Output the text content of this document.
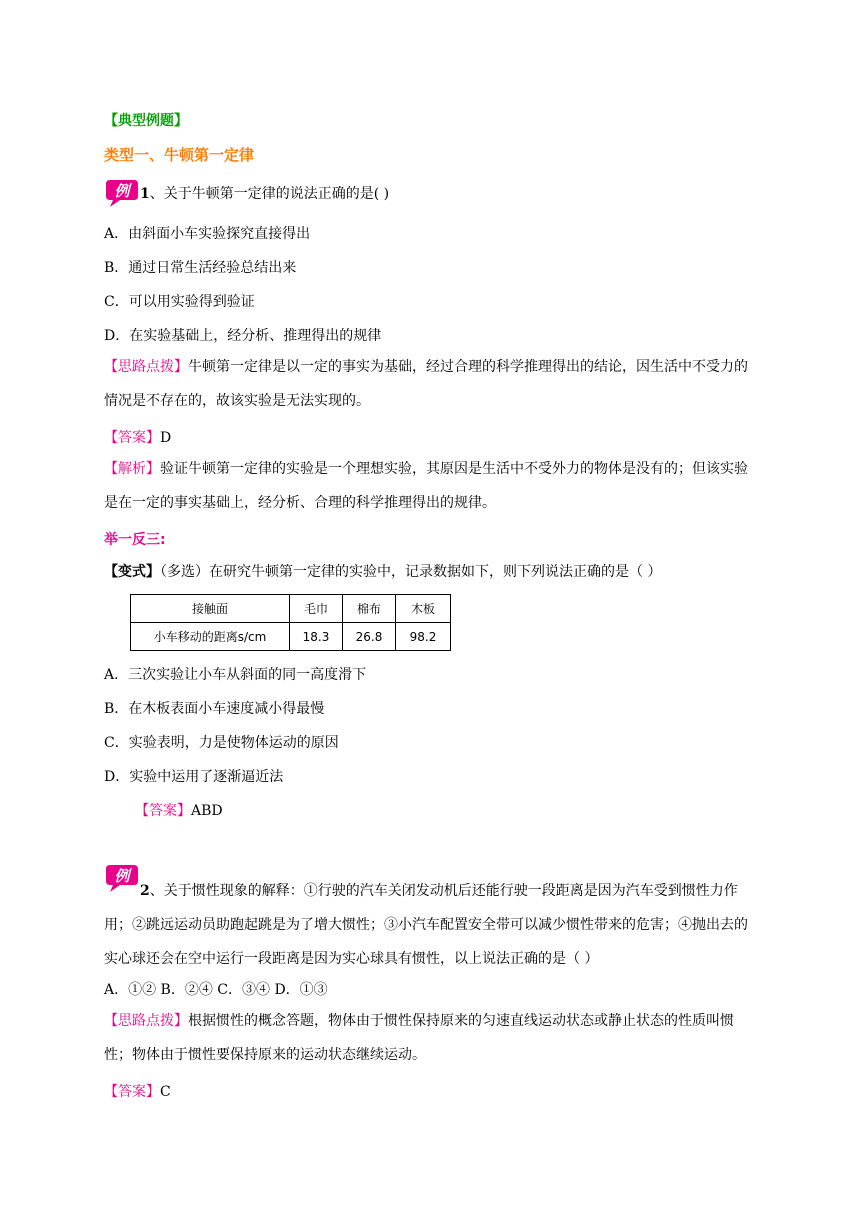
【典型例题】
类型一、牛顿第一定律
例 1、关于牛顿第一定律的说法正确的是( )
A．由斜面小车实验探究直接得出
B．通过日常生活经验总结出来
C．可以用实验得到验证
D．在实验基础上，经分析、推理得出的规律
【思路点拨】牛顿第一定律是以一定的事实为基础，经过合理的科学推理得出的结论，因生活中不受力的情况是不存在的，故该实验是无法实现的。
【答案】D
【解析】验证牛顿第一定律的实验是一个理想实验，其原因是生活中不受外力的物体是没有的；但该实验是在一定的事实基础上，经分析、合理的科学推理得出的规律。
举一反三:
【变式】（多选）在研究牛顿第一定律的实验中，记录数据如下，则下列说法正确的是（ ）
接触面	毛巾	棉布	木板
小车移动的距离s/cm	18.3	26.8	98.2
A．三次实验让小车从斜面的同一高度滑下
B．在木板表面小车速度减小得最慢
C．实验表明，力是使物体运动的原因
D．实验中运用了逐渐逼近法
【答案】ABD
例
2、关于惯性现象的解释：①行驶的汽车关闭发动机后还能行驶一段距离是因为汽车受到惯性力作用；②跳远运动员助跑起跳是为了增大惯性；③小汽车配置安全带可以减少惯性带来的危害；④抛出去的实心球还会在空中运行一段距离是因为实心球具有惯性，以上说法正确的是（ ）
A．①② B．②④ C．③④ D．①③
【思路点拨】根据惯性的概念答题，物体由于惯性保持原来的匀速直线运动状态或静止状态的性质叫惯性；物体由于惯性要保持原来的运动状态继续运动。
【答案】C
